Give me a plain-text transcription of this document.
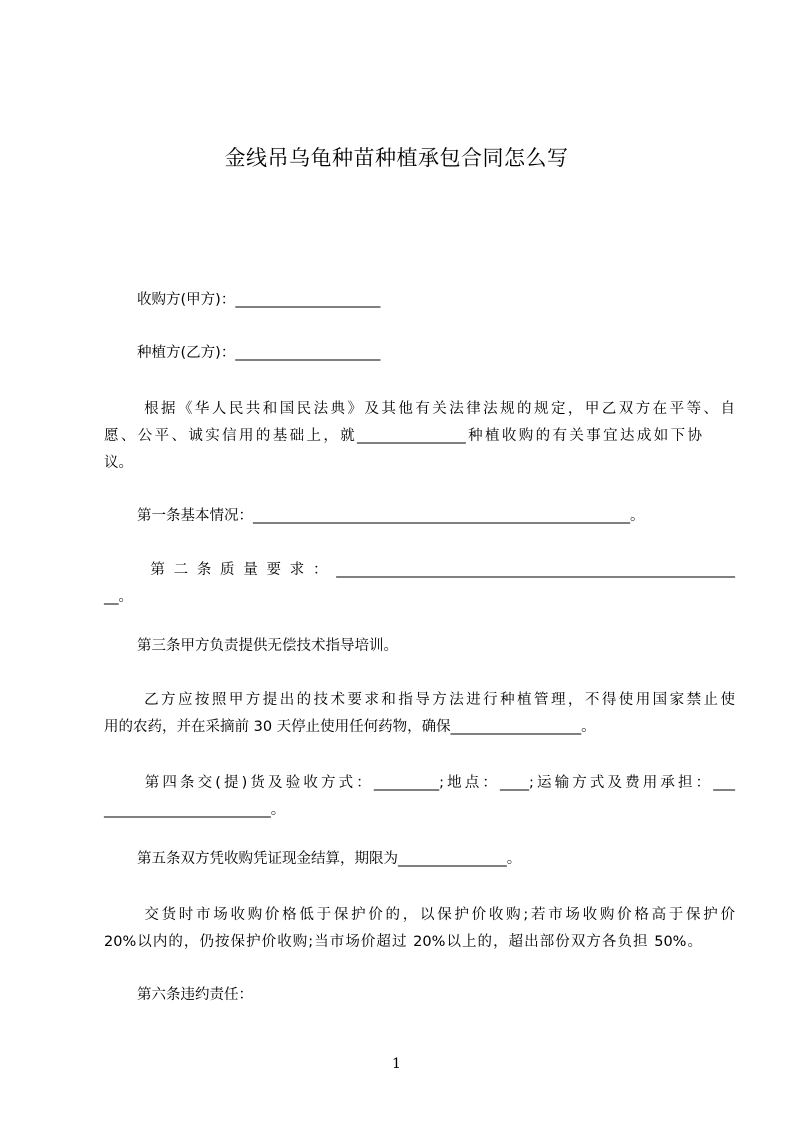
金线吊乌龟种苗种植承包合同怎么写
收购方(甲方)：____________________
种植方(乙方)：____________________
根据《华人民共和国民法典》及其他有关法律法规的规定，甲乙双方在平等、自
愿、公平、诚实信用的基础上，就_______________种植收购的有关事宜达成如下协
议。
第一条基本情况：____________________________________________________。
第二条质量要求：_______________________________________________________
__。
第三条甲方负责提供无偿技术指导培训。
乙方应按照甲方提出的技术要求和指导方法进行种植管理，不得使用国家禁止使
用的农药，并在采摘前 30 天停止使用任何药物，确保__________________。
第四条交(提)货及验收方式：_________;地点：____;运输方式及费用承担：___
_______________________。
第五条双方凭收购凭证现金结算，期限为_______________。
交货时市场收购价格低于保护价的，以保护价收购;若市场收购价格高于保护价
20%以内的，仍按保护价收购;当市场价超过 20%以上的，超出部份双方各负担 50%。
第六条违约责任：
1
